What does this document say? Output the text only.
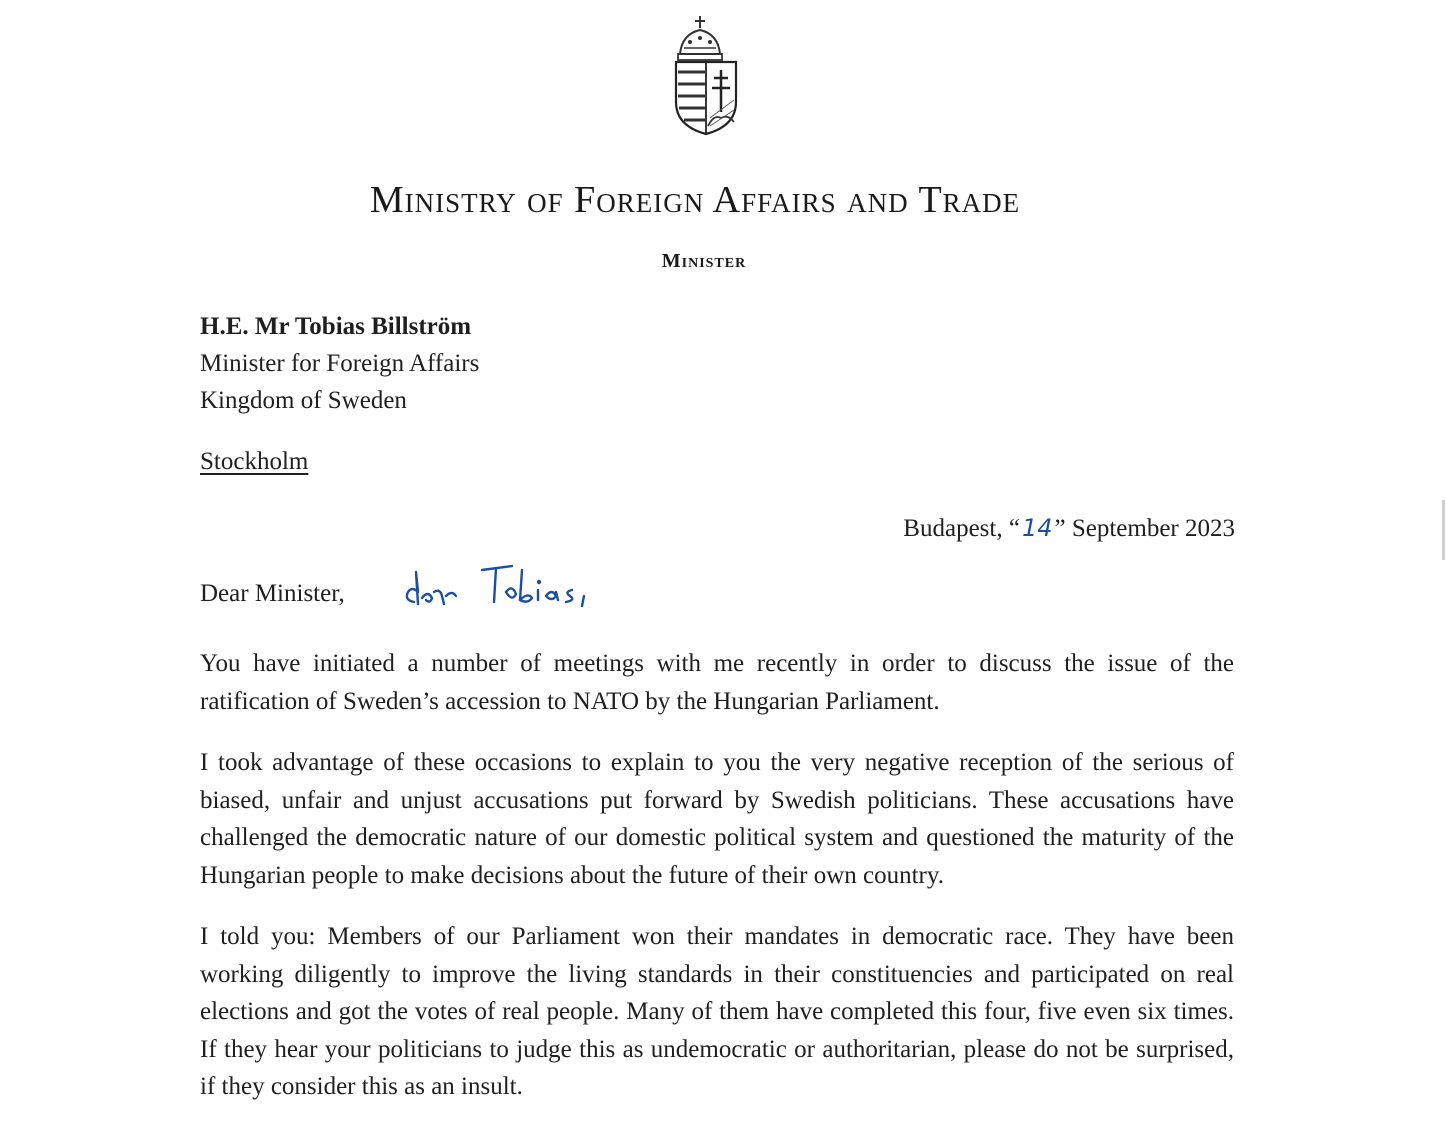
Ministry of Foreign Affairs and Trade
Minister
H.E. Mr Tobias Billström
Minister for Foreign Affairs
Kingdom of Sweden
Stockholm
Budapest, “14” September 2023
Dear Minister,

You have initiated a number of meetings with me recently in order to discuss the issue of the ratification of Sweden’s accession to NATO by the Hungarian Parliament.

I took advantage of these occasions to explain to you the very negative reception of the serious of biased, unfair and unjust accusations put forward by Swedish politicians. These accusations have challenged the democratic nature of our domestic political system and questioned the maturity of the Hungarian people to make decisions about the future of their own country.

I told you: Members of our Parliament won their mandates in democratic race. They have been working diligently to improve the living standards in their constituencies and participated on real elections and got the votes of real people. Many of them have completed this four, five even six times. If they hear your politicians to judge this as undemocratic or authoritarian, please do not be surprised, if they consider this as an insult.
